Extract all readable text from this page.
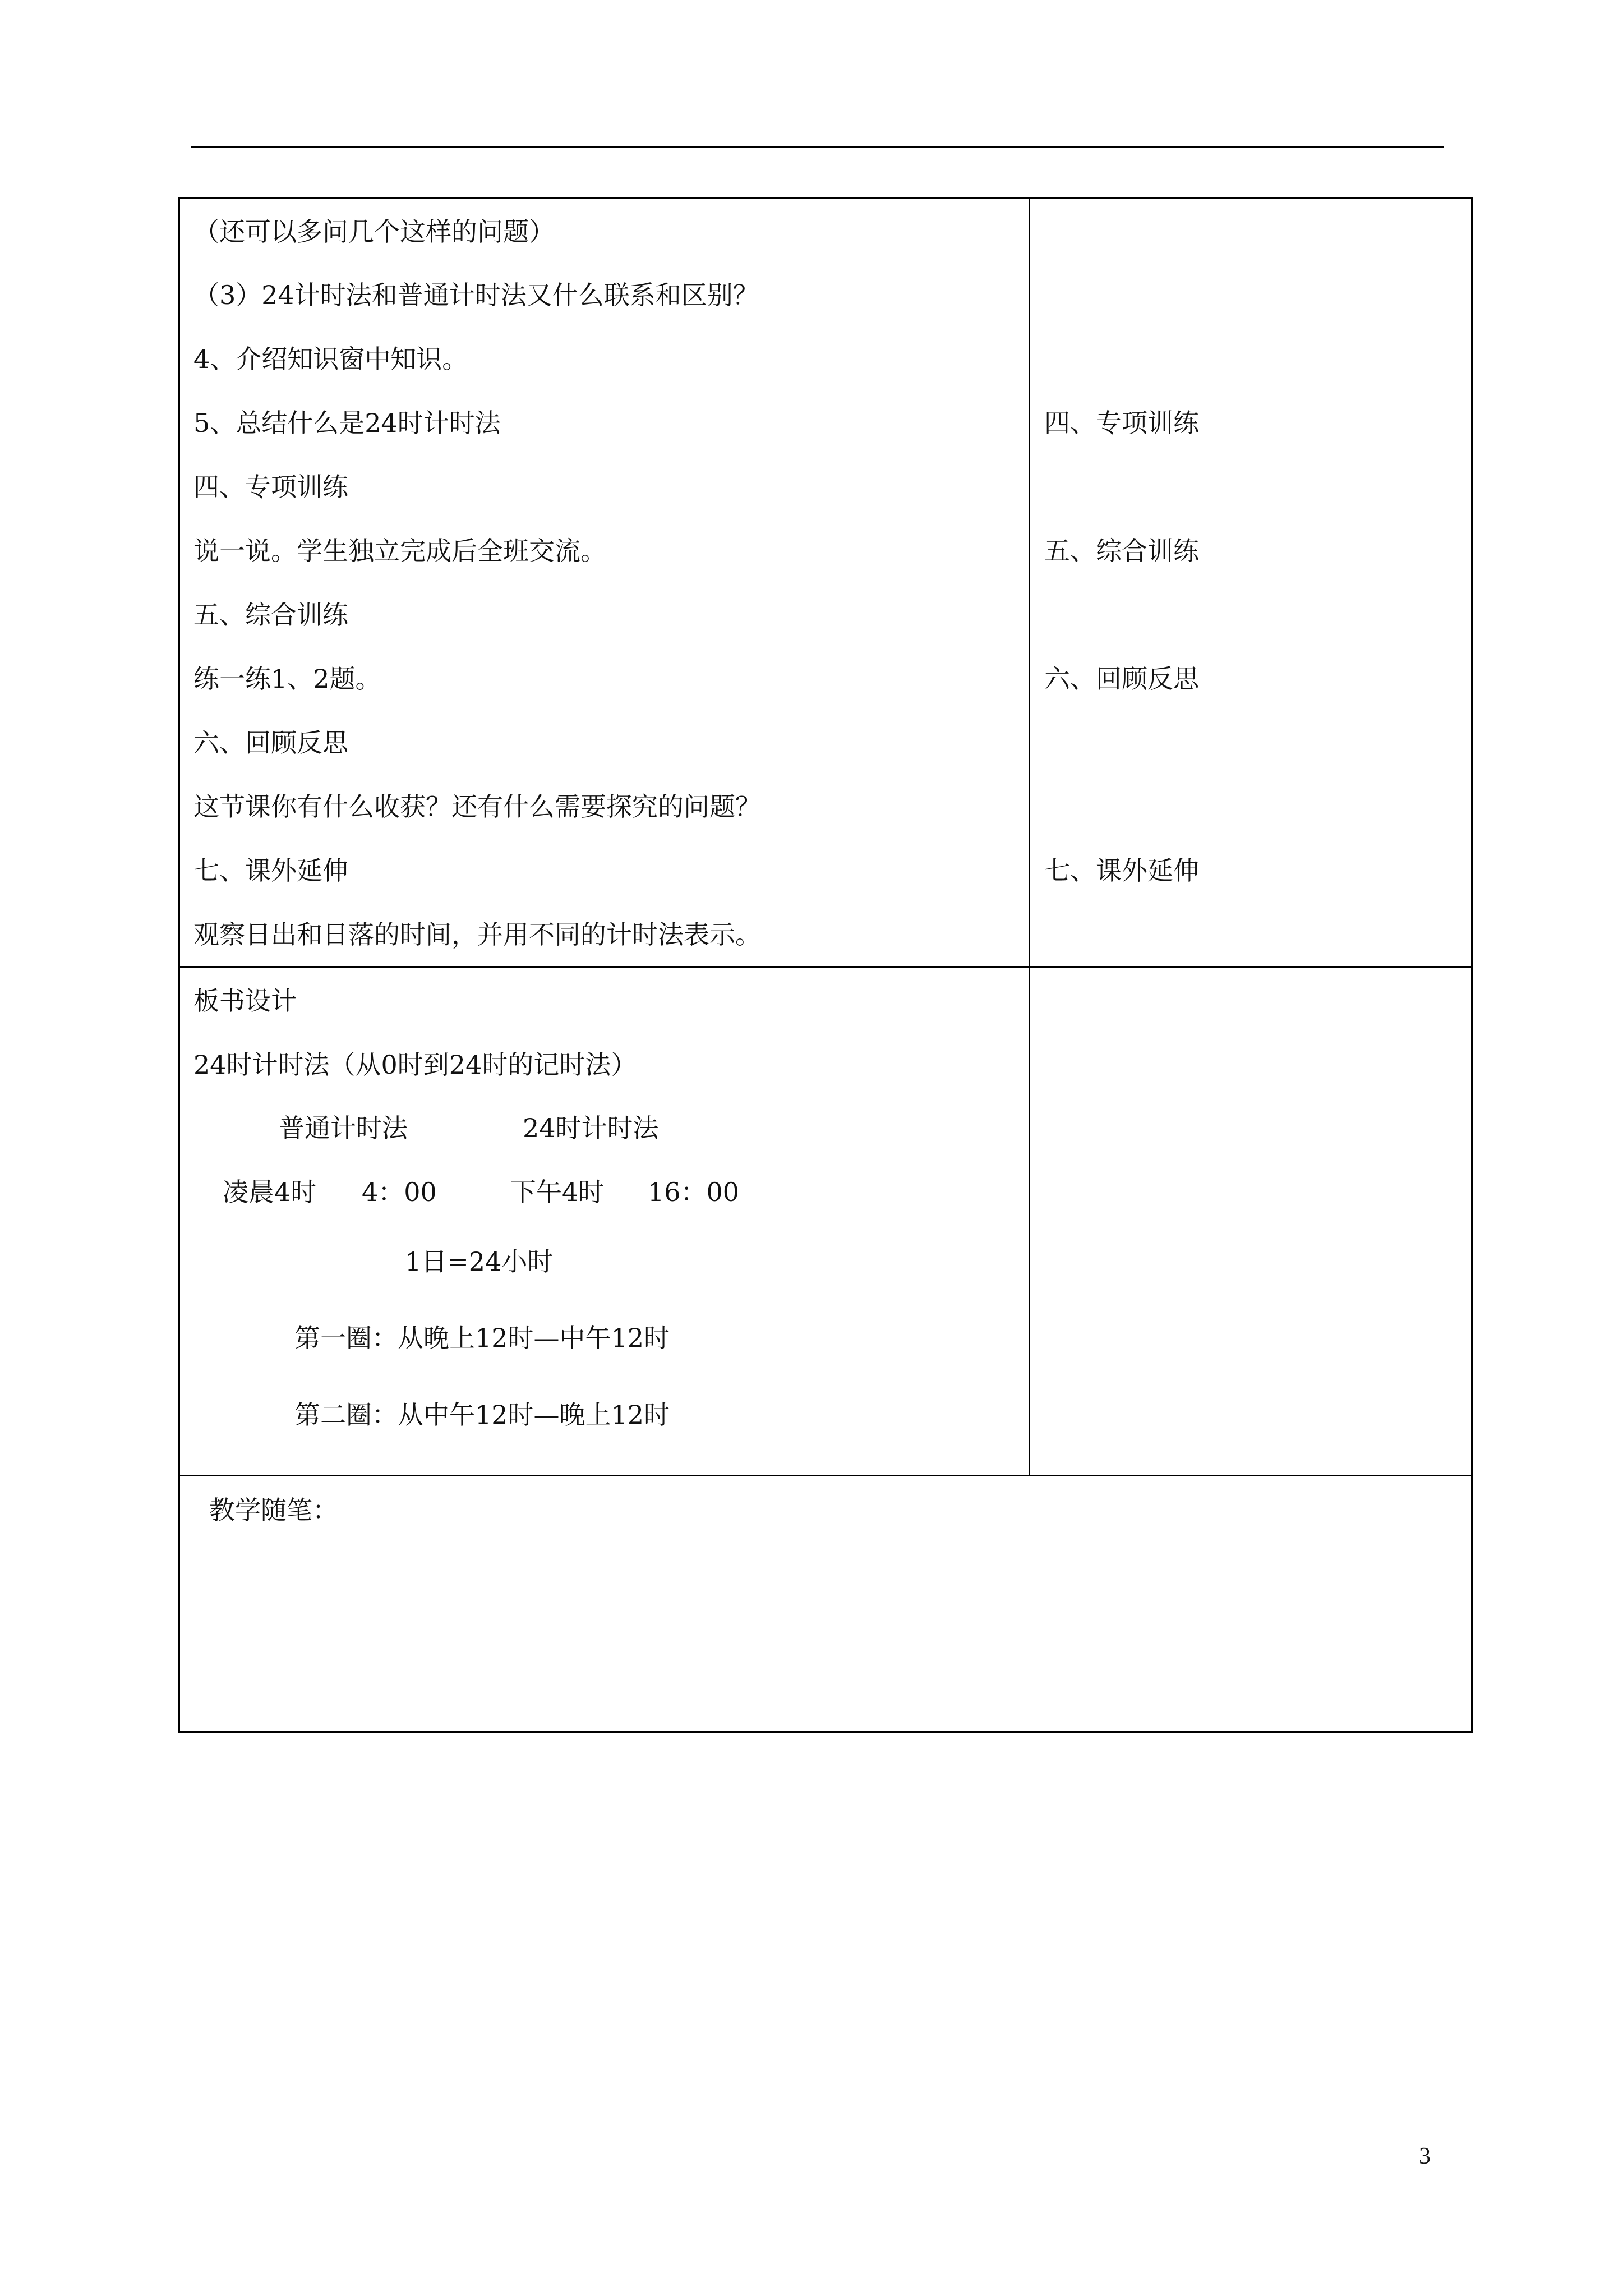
（还可以多问几个这样的问题）
（3）24计时法和普通计时法又什么联系和区别？
4、介绍知识窗中知识。
5、总结什么是24时计时法
四、专项训练
说一说。学生独立完成后全班交流。
五、综合训练
练一练1、2题。
六、回顾反思
这节课你有什么收获？还有什么需要探究的问题？
七、课外延伸
观察日出和日落的时间，并用不同的计时法表示。
四、专项训练
五、综合训练
六、回顾反思
七、课外延伸
板书设计
24时计时法（从0时到24时的记时法）
普通计时法	24时计时法
凌晨4时 4：00	下午4时 16：00
1日=24小时
第一圈：从晚上12时—中午12时
第二圈：从中午12时—晚上12时
教学随笔：
3
